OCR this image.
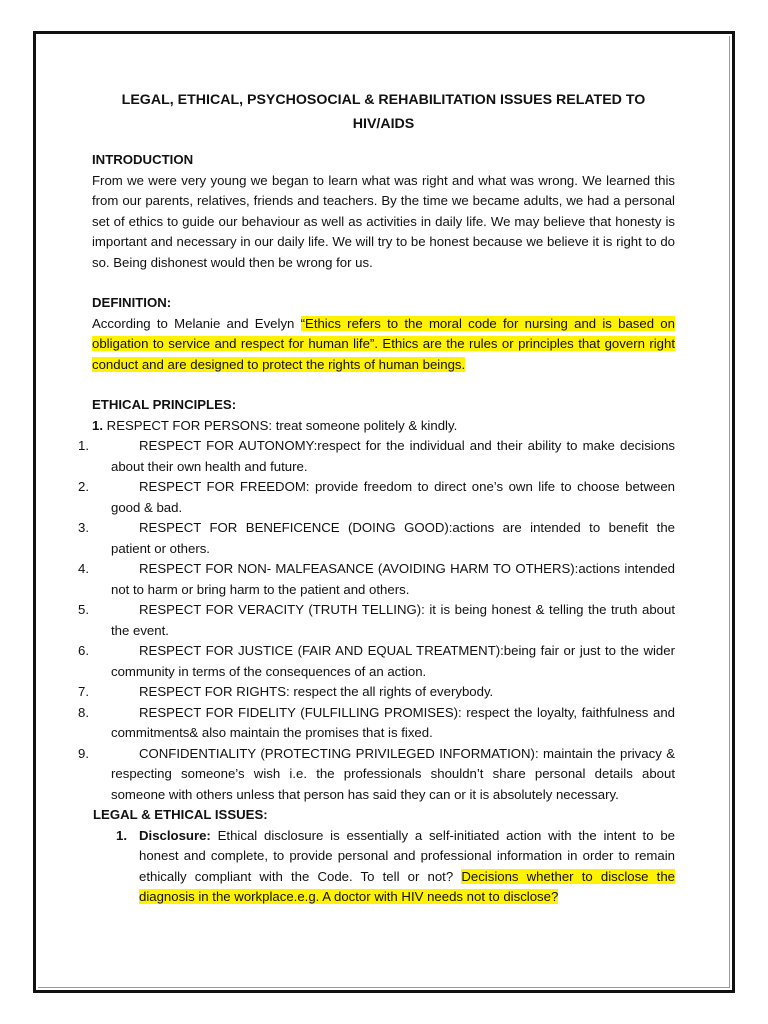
LEGAL, ETHICAL, PSYCHOSOCIAL & REHABILITATION ISSUES RELATED TO HIV/AIDS
INTRODUCTION

From we were very young we began to learn what was right and what was wrong. We learned this from our parents, relatives, friends and teachers. By the time we became adults, we had a personal set of ethics to guide our behaviour as well as activities in daily life. We may believe that honesty is important and necessary in our daily life. We will try to be honest because we believe it is right to do so. Being dishonest would then be wrong for us.

DEFINITION:

According to Melanie and Evelyn “Ethics refers to the moral code for nursing and is based on obligation to service and respect for human life”. Ethics are the rules or principles that govern right conduct and are designed to protect the rights of human beings.

ETHICAL PRINCIPLES:

1. RESPECT FOR PERSONS: treat someone politely & kindly.

1.	RESPECT FOR AUTONOMY:respect for the individual and their ability to make decisions about their own health and future.
2.	RESPECT FOR FREEDOM: provide freedom to direct one’s own life to choose between good & bad.
3.	RESPECT FOR BENEFICENCE (DOING GOOD):actions are intended to benefit the patient or others.
4.	RESPECT FOR NON- MALFEASANCE (AVOIDING HARM TO OTHERS):actions intended not to harm or bring harm to the patient and others.
5.	RESPECT FOR VERACITY (TRUTH TELLING): it is being honest & telling the truth about the event.
6.	RESPECT FOR JUSTICE (FAIR AND EQUAL TREATMENT):being fair or just to the wider community in terms of the consequences of an action.
7.	RESPECT FOR RIGHTS: respect the all rights of everybody.
8.	RESPECT FOR FIDELITY (FULFILLING PROMISES): respect the loyalty, faithfulness and commitments& also maintain the promises that is fixed.
9.	CONFIDENTIALITY (PROTECTING PRIVILEGED INFORMATION): maintain the privacy & respecting someone’s wish i.e. the professionals shouldn’t share personal details about someone with others unless that person has said they can or it is absolutely necessary.
LEGAL & ETHICAL ISSUES:
1. Disclosure: Ethical disclosure is essentially a self-initiated action with the intent to be honest and complete, to provide personal and professional information in order to remain ethically compliant with the Code. To tell or not? Decisions whether to disclose the diagnosis in the workplace.e.g. A doctor with HIV needs not to disclose?
